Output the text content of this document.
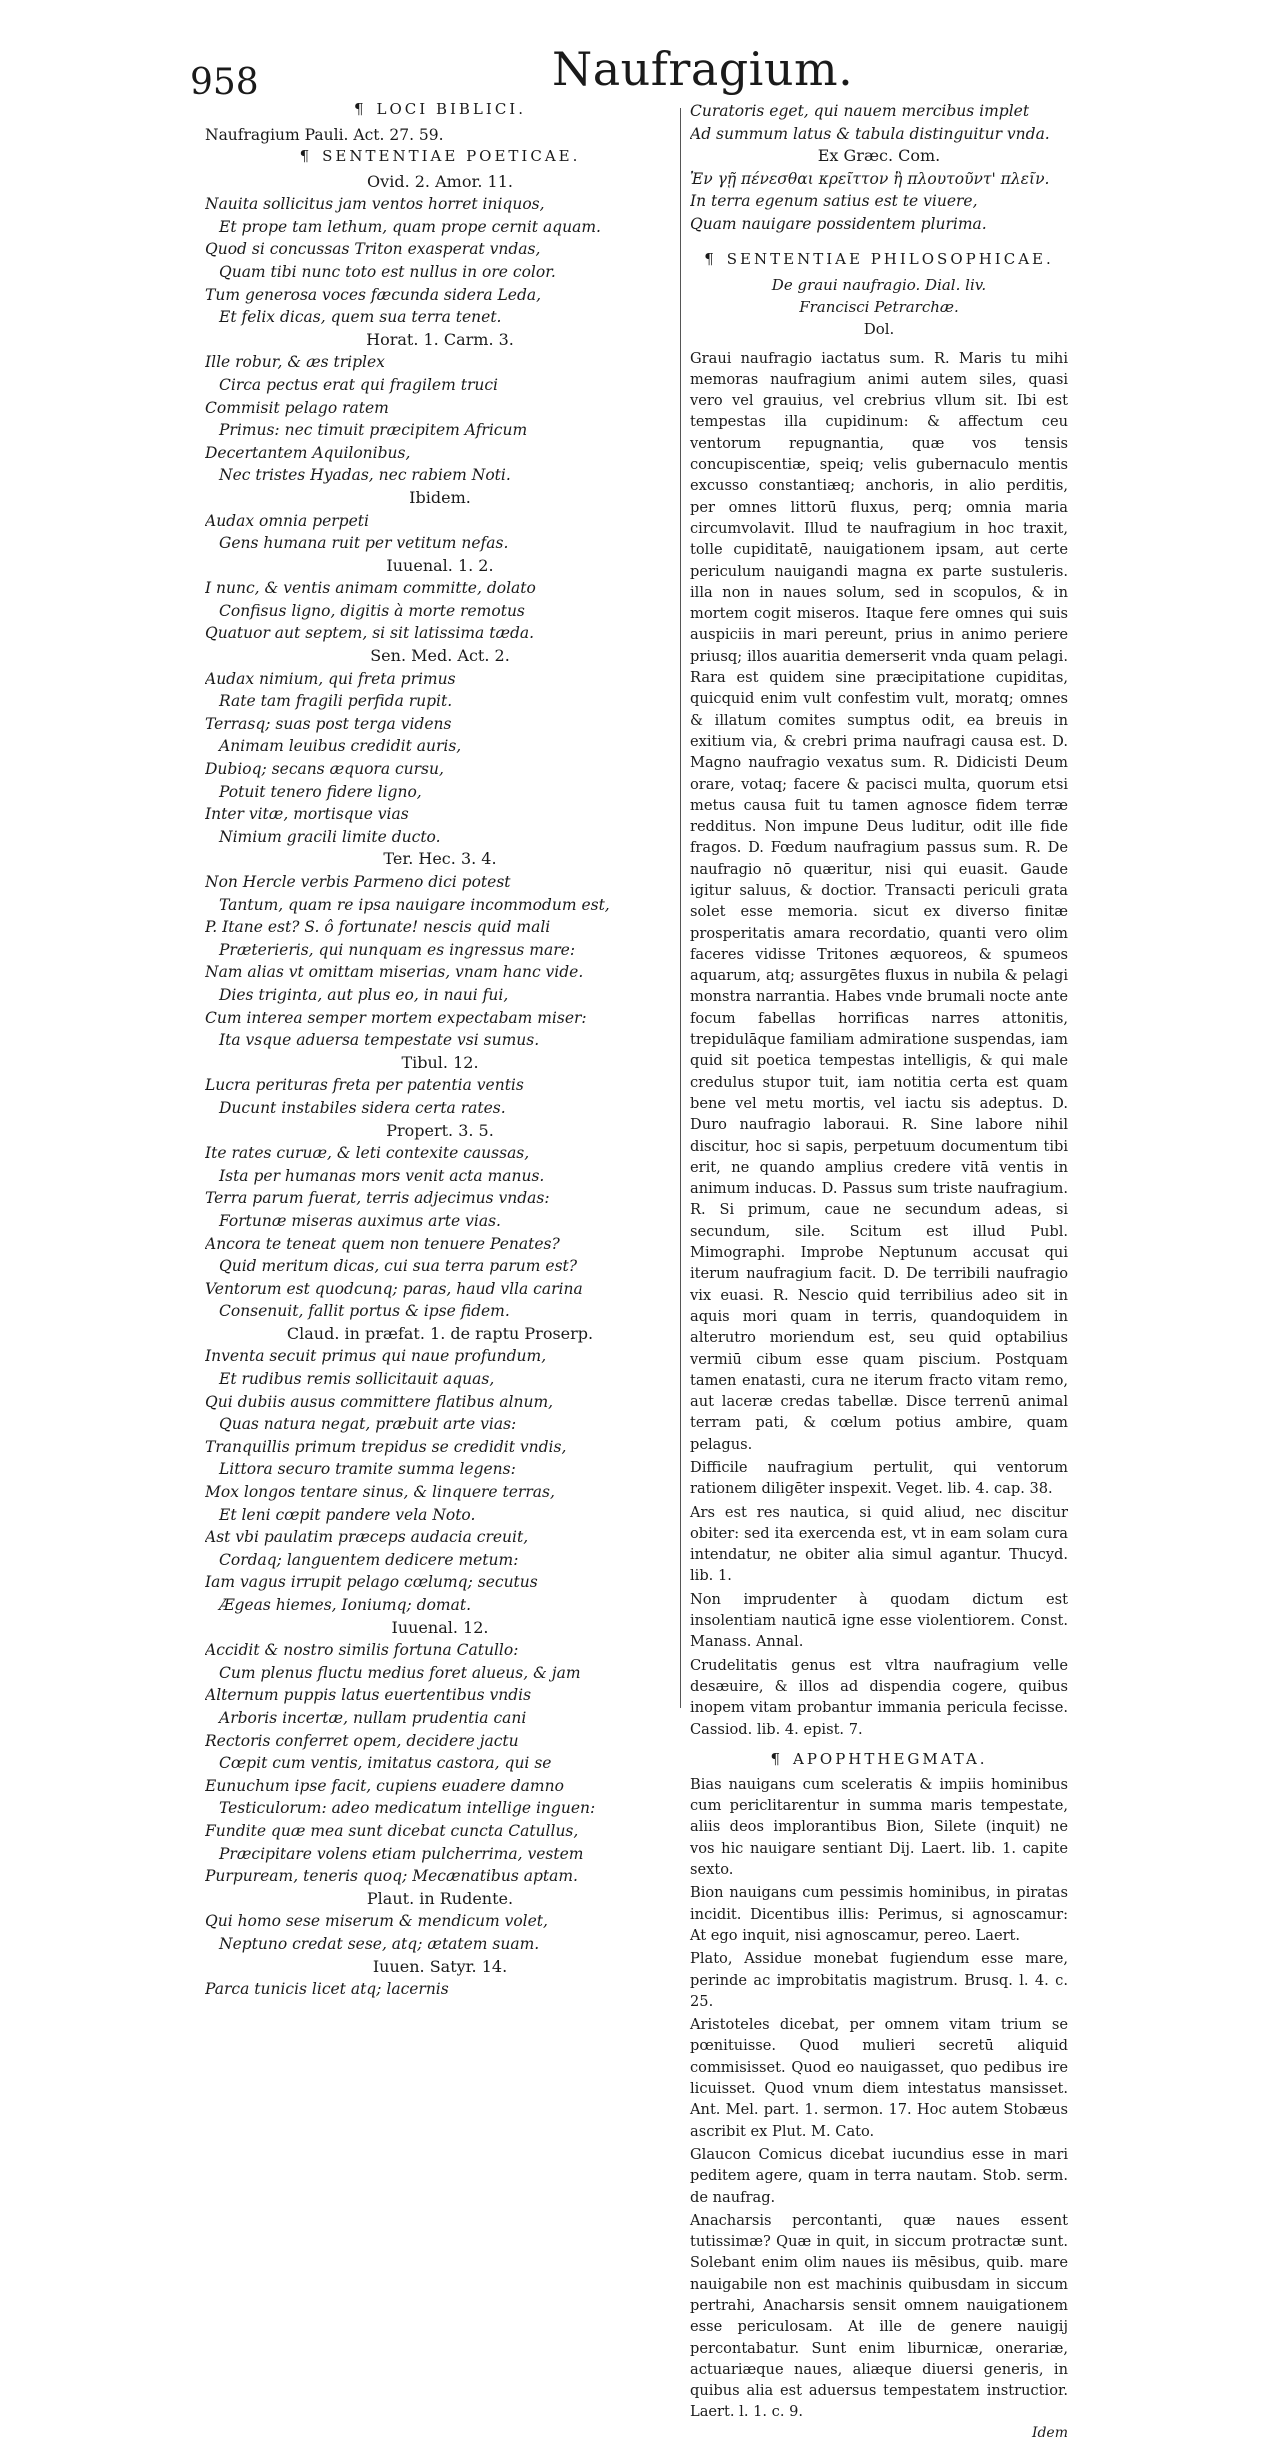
958	Naufragium.
¶ LOCI BIBLICI.
Naufragium Pauli. Act. 27. 59.
¶ SENTENTIAE POETICAE.
Ovid. 2. Amor. 11.
Nauita sollicitus jam ventos horret iniquos,
Et prope tam lethum, quam prope cernit aquam.
Quod si concussas Triton exasperat vndas,
Quam tibi nunc toto est nullus in ore color.
Tum generosa voces fæcunda sidera Leda,
Et felix dicas, quem sua terra tenet.
Horat. 1. Carm. 3.
Ille robur, & æs triplex
Circa pectus erat qui fragilem truci
Commisit pelago ratem
Primus: nec timuit præcipitem Africum
Decertantem Aquilonibus,
Nec tristes Hyadas, nec rabiem Noti.
Ibidem.
Audax omnia perpeti
Gens humana ruit per vetitum nefas.
Iuuenal. 1. 2.
I nunc, & ventis animam committe, dolato
Confisus ligno, digitis à morte remotus
Quatuor aut septem, si sit latissima tæda.
Sen. Med. Act. 2.
Audax nimium, qui freta primus
Rate tam fragili perfida rupit.
Terrasq; suas post terga videns
Animam leuibus credidit auris,
Dubioq; secans æquora cursu,
Potuit tenero fidere ligno,
Inter vitæ, mortisque vias
Nimium gracili limite ducto.
Ter. Hec. 3. 4.
Non Hercle verbis Parmeno dici potest
Tantum, quam re ipsa nauigare incommodum est,
P. Itane est? S. ô fortunate! nescis quid mali
Præterieris, qui nunquam es ingressus mare:
Nam alias vt omittam miserias, vnam hanc vide.
Dies triginta, aut plus eo, in naui fui,
Cum interea semper mortem expectabam miser:
Ita vsque aduersa tempestate vsi sumus.
Tibul. 12.
Lucra perituras freta per patentia ventis
Ducunt instabiles sidera certa rates.
Propert. 3. 5.
Ite rates curuæ, & leti contexite caussas,
Ista per humanas mors venit acta manus.
Terra parum fuerat, terris adjecimus vndas:
Fortunæ miseras auximus arte vias.
Ancora te teneat quem non tenuere Penates?
Quid meritum dicas, cui sua terra parum est?
Ventorum est quodcunq; paras, haud vlla carina
Consenuit, fallit portus & ipse fidem.
Claud. in præfat. 1. de raptu Proserp.
Inventa secuit primus qui naue profundum,
Et rudibus remis sollicitauit aquas,
Qui dubiis ausus committere flatibus alnum,
Quas natura negat, præbuit arte vias:
Tranquillis primum trepidus se credidit vndis,
Littora securo tramite summa legens:
Mox longos tentare sinus, & linquere terras,
Et leni cœpit pandere vela Noto.
Ast vbi paulatim præceps audacia creuit,
Cordaq; languentem dedicere metum:
Iam vagus irrupit pelago cœlumq; secutus
Ægeas hiemes, Ioniumq; domat.
Iuuenal. 12.
Accidit & nostro similis fortuna Catullo:
Cum plenus fluctu medius foret alueus, & jam
Alternum puppis latus euertentibus vndis
Arboris incertæ, nullam prudentia cani
Rectoris conferret opem, decidere jactu
Cœpit cum ventis, imitatus castora, qui se
Eunuchum ipse facit, cupiens euadere damno
Testiculorum: adeo medicatum intellige inguen:
Fundite quæ mea sunt dicebat cuncta Catullus,
Præcipitare volens etiam pulcherrima, vestem
Purpuream, teneris quoq; Mecænatibus aptam.
Plaut. in Rudente.
Qui homo sese miserum & mendicum volet,
Neptuno credat sese, atq; ætatem suam.
Iuuen. Satyr. 14.
Parca tunicis licet atq; lacernis
Curatoris eget, qui nauem mercibus implet
Ad summum latus & tabula distinguitur vnda.
Ex Græc. Com.
Ἐν γῇ πένεσθαι κρεῖττον ἢ πλουτοῦντ' πλεῖν.
In terra egenum satius est te viuere,
Quam nauigare possidentem plurima.
¶ SENTENTIAE PHILOSOPHICAE.
De graui naufragio. Dial. liv.
Francisci Petrarchæ.
Dol.

Graui naufragio iactatus sum. R. Maris tu mihi memoras naufragium animi autem siles, quasi vero vel grauius, vel crebrius vllum sit. Ibi est tempestas illa cupidinum: & affectum ceu ventorum repugnantia, quæ vos tensis concupiscentiæ, speiq; velis gubernaculo mentis excusso constantiæq; anchoris, in alio perditis, per omnes littorū fluxus, perq; omnia maria circumvolavit. Illud te naufragium in hoc traxit, tolle cupiditatē, nauigationem ipsam, aut certe periculum nauigandi magna ex parte sustuleris. illa non in naues solum, sed in scopulos, & in mortem cogit miseros. Itaque fere omnes qui suis auspiciis in mari pereunt, prius in animo periere priusq; illos auaritia demerserit vnda quam pelagi. Rara est quidem sine præcipitatione cupiditas, quicquid enim vult confestim vult, moratq; omnes & illatum comites sumptus odit, ea breuis in exitium via, & crebri prima naufragi causa est. D. Magno naufragio vexatus sum. R. Didicisti Deum orare, votaq; facere & pacisci multa, quorum etsi metus causa fuit tu tamen agnosce fidem terræ redditus. Non impune Deus luditur, odit ille fide fragos. D. Fœdum naufragium passus sum. R. De naufragio nō quæritur, nisi qui euasit. Gaude igitur saluus, & doctior. Transacti periculi grata solet esse memoria. sicut ex diverso finitæ prosperitatis amara recordatio, quanti vero olim faceres vidisse Tritones æquoreos, & spumeos aquarum, atq; assurgētes fluxus in nubila & pelagi monstra narrantia. Habes vnde brumali nocte ante focum fabellas horrificas narres attonitis, trepidulāque familiam admiratione suspendas, iam quid sit poetica tempestas intelligis, & qui male credulus stupor tuit, iam notitia certa est quam bene vel metu mortis, vel iactu sis adeptus. D. Duro naufragio laboraui. R. Sine labore nihil discitur, hoc si sapis, perpetuum documentum tibi erit, ne quando amplius credere vitā ventis in animum inducas. D. Passus sum triste naufragium. R. Si primum, caue ne secundum adeas, si secundum, sile. Scitum est illud Publ. Mimographi. Improbe Neptunum accusat qui iterum naufragium facit. D. De terribili naufragio vix euasi. R. Nescio quid terribilius adeo sit in aquis mori quam in terris, quandoquidem in alterutro moriendum est, seu quid optabilius vermiū cibum esse quam piscium. Postquam tamen enatasti, cura ne iterum fracto vitam remo, aut laceræ credas tabellæ. Disce terrenū animal terram pati, & cœlum potius ambire, quam pelagus.

Difficile naufragium pertulit, qui ventorum rationem diligēter inspexit. Veget. lib. 4. cap. 38.

Ars est res nautica, si quid aliud, nec discitur obiter: sed ita exercenda est, vt in eam solam cura intendatur, ne obiter alia simul agantur. Thucyd. lib. 1.

Non imprudenter à quodam dictum est insolentiam nauticā igne esse violentiorem. Const. Manass. Annal.

Crudelitatis genus est vltra naufragium velle desæuire, & illos ad dispendia cogere, quibus inopem vitam probantur immania pericula fecisse. Cassiod. lib. 4. epist. 7.

¶ APOPHTHEGMATA.

Bias nauigans cum sceleratis & impiis hominibus cum periclitarentur in summa maris tempestate, aliis deos implorantibus Bion, Silete (inquit) ne vos hic nauigare sentiant Dij. Laert. lib. 1. capite sexto.

Bion nauigans cum pessimis hominibus, in piratas incidit. Dicentibus illis: Perimus, si agnoscamur: At ego inquit, nisi agnoscamur, pereo. Laert.

Plato, Assidue monebat fugiendum esse mare, perinde ac improbitatis magistrum. Brusq. l. 4. c. 25.

Aristoteles dicebat, per omnem vitam trium se pœnituisse. Quod mulieri secretū aliquid commisisset. Quod eo nauigasset, quo pedibus ire licuisset. Quod vnum diem intestatus mansisset. Ant. Mel. part. 1. sermon. 17. Hoc autem Stobæus ascribit ex Plut. M. Cato.

Glaucon Comicus dicebat iucundius esse in mari peditem agere, quam in terra nautam. Stob. serm. de naufrag.

Anacharsis percontanti, quæ naues essent tutissimæ? Quæ in quit, in siccum protractæ sunt. Solebant enim olim naues iis mēsibus, quib. mare nauigabile non est machinis quibusdam in siccum pertrahi, Anacharsis sensit omnem nauigationem esse periculosam. At ille de genere nauigij percontabatur. Sunt enim liburnicæ, onerariæ, actuariæque naues, aliæque diuersi generis, in quibus alia est aduersus tempestatem instructior. Laert. l. 1. c. 9.

Idem
